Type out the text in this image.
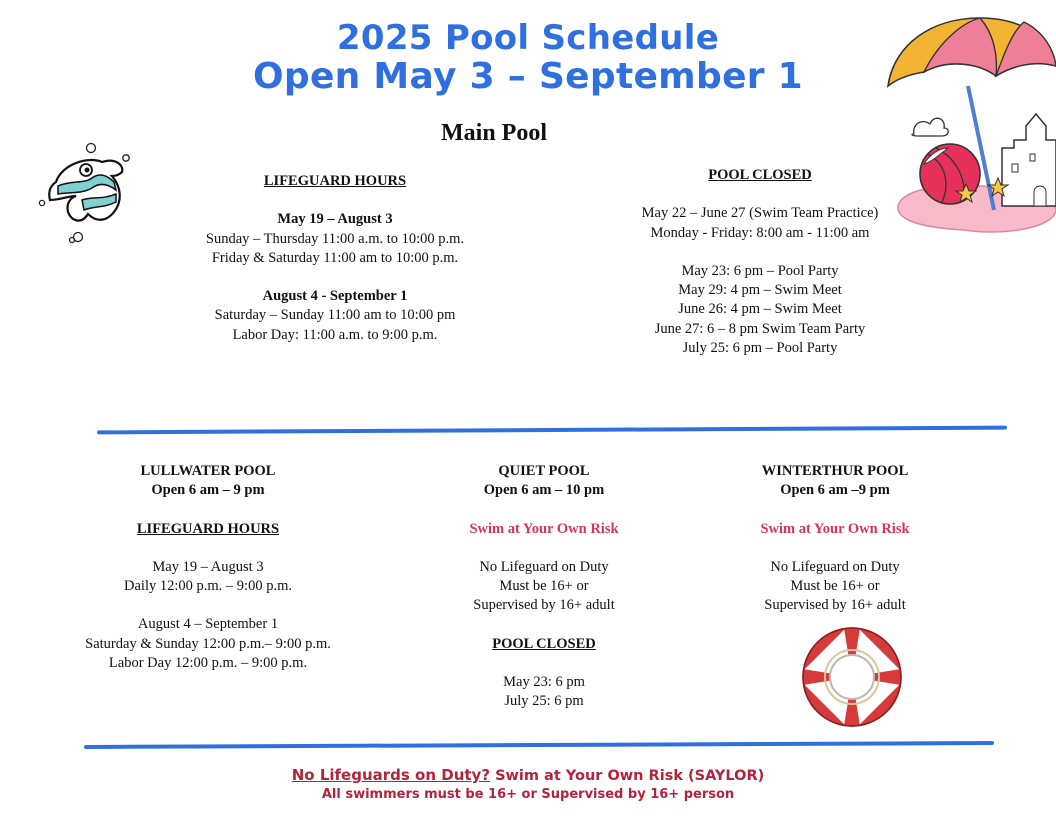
2025 Pool Schedule
Open May 3 – September 1
Main Pool
LIFEGUARD HOURS
May 19 – August 3
Sunday – Thursday 11:00 a.m. to 10:00 p.m.
Friday & Saturday 11:00 am to 10:00 p.m.
August 4 - September 1
Saturday – Sunday 11:00 am to 10:00 pm
Labor Day: 11:00 a.m. to 9:00 p.m.
POOL CLOSED
May 22 – June 27 (Swim Team Practice)
Monday - Friday: 8:00 am - 11:00 am
May 23: 6 pm – Pool Party
May 29: 4 pm – Swim Meet
June 26: 4 pm – Swim Meet
June 27: 6 – 8 pm Swim Team Party
July 25: 6 pm – Pool Party
LULLWATER POOL
Open 6 am – 9 pm
LIFEGUARD HOURS
May 19 – August 3
Daily 12:00 p.m. – 9:00 p.m.
August 4 – September 1
Saturday & Sunday 12:00 p.m.– 9:00 p.m.
Labor Day 12:00 p.m. – 9:00 p.m.
QUIET POOL
Open 6 am – 10 pm
Swim at Your Own Risk
No Lifeguard on Duty
Must be 16+ or
Supervised by 16+ adult
POOL CLOSED
May 23: 6 pm
July 25: 6 pm
WINTERTHUR POOL
Open 6 am –9 pm
Swim at Your Own Risk
No Lifeguard on Duty
Must be 16+ or
Supervised by 16+ adult
No Lifeguards on Duty? Swim at Your Own Risk (SAYLOR)
All swimmers must be 16+ or Supervised by 16+ person
